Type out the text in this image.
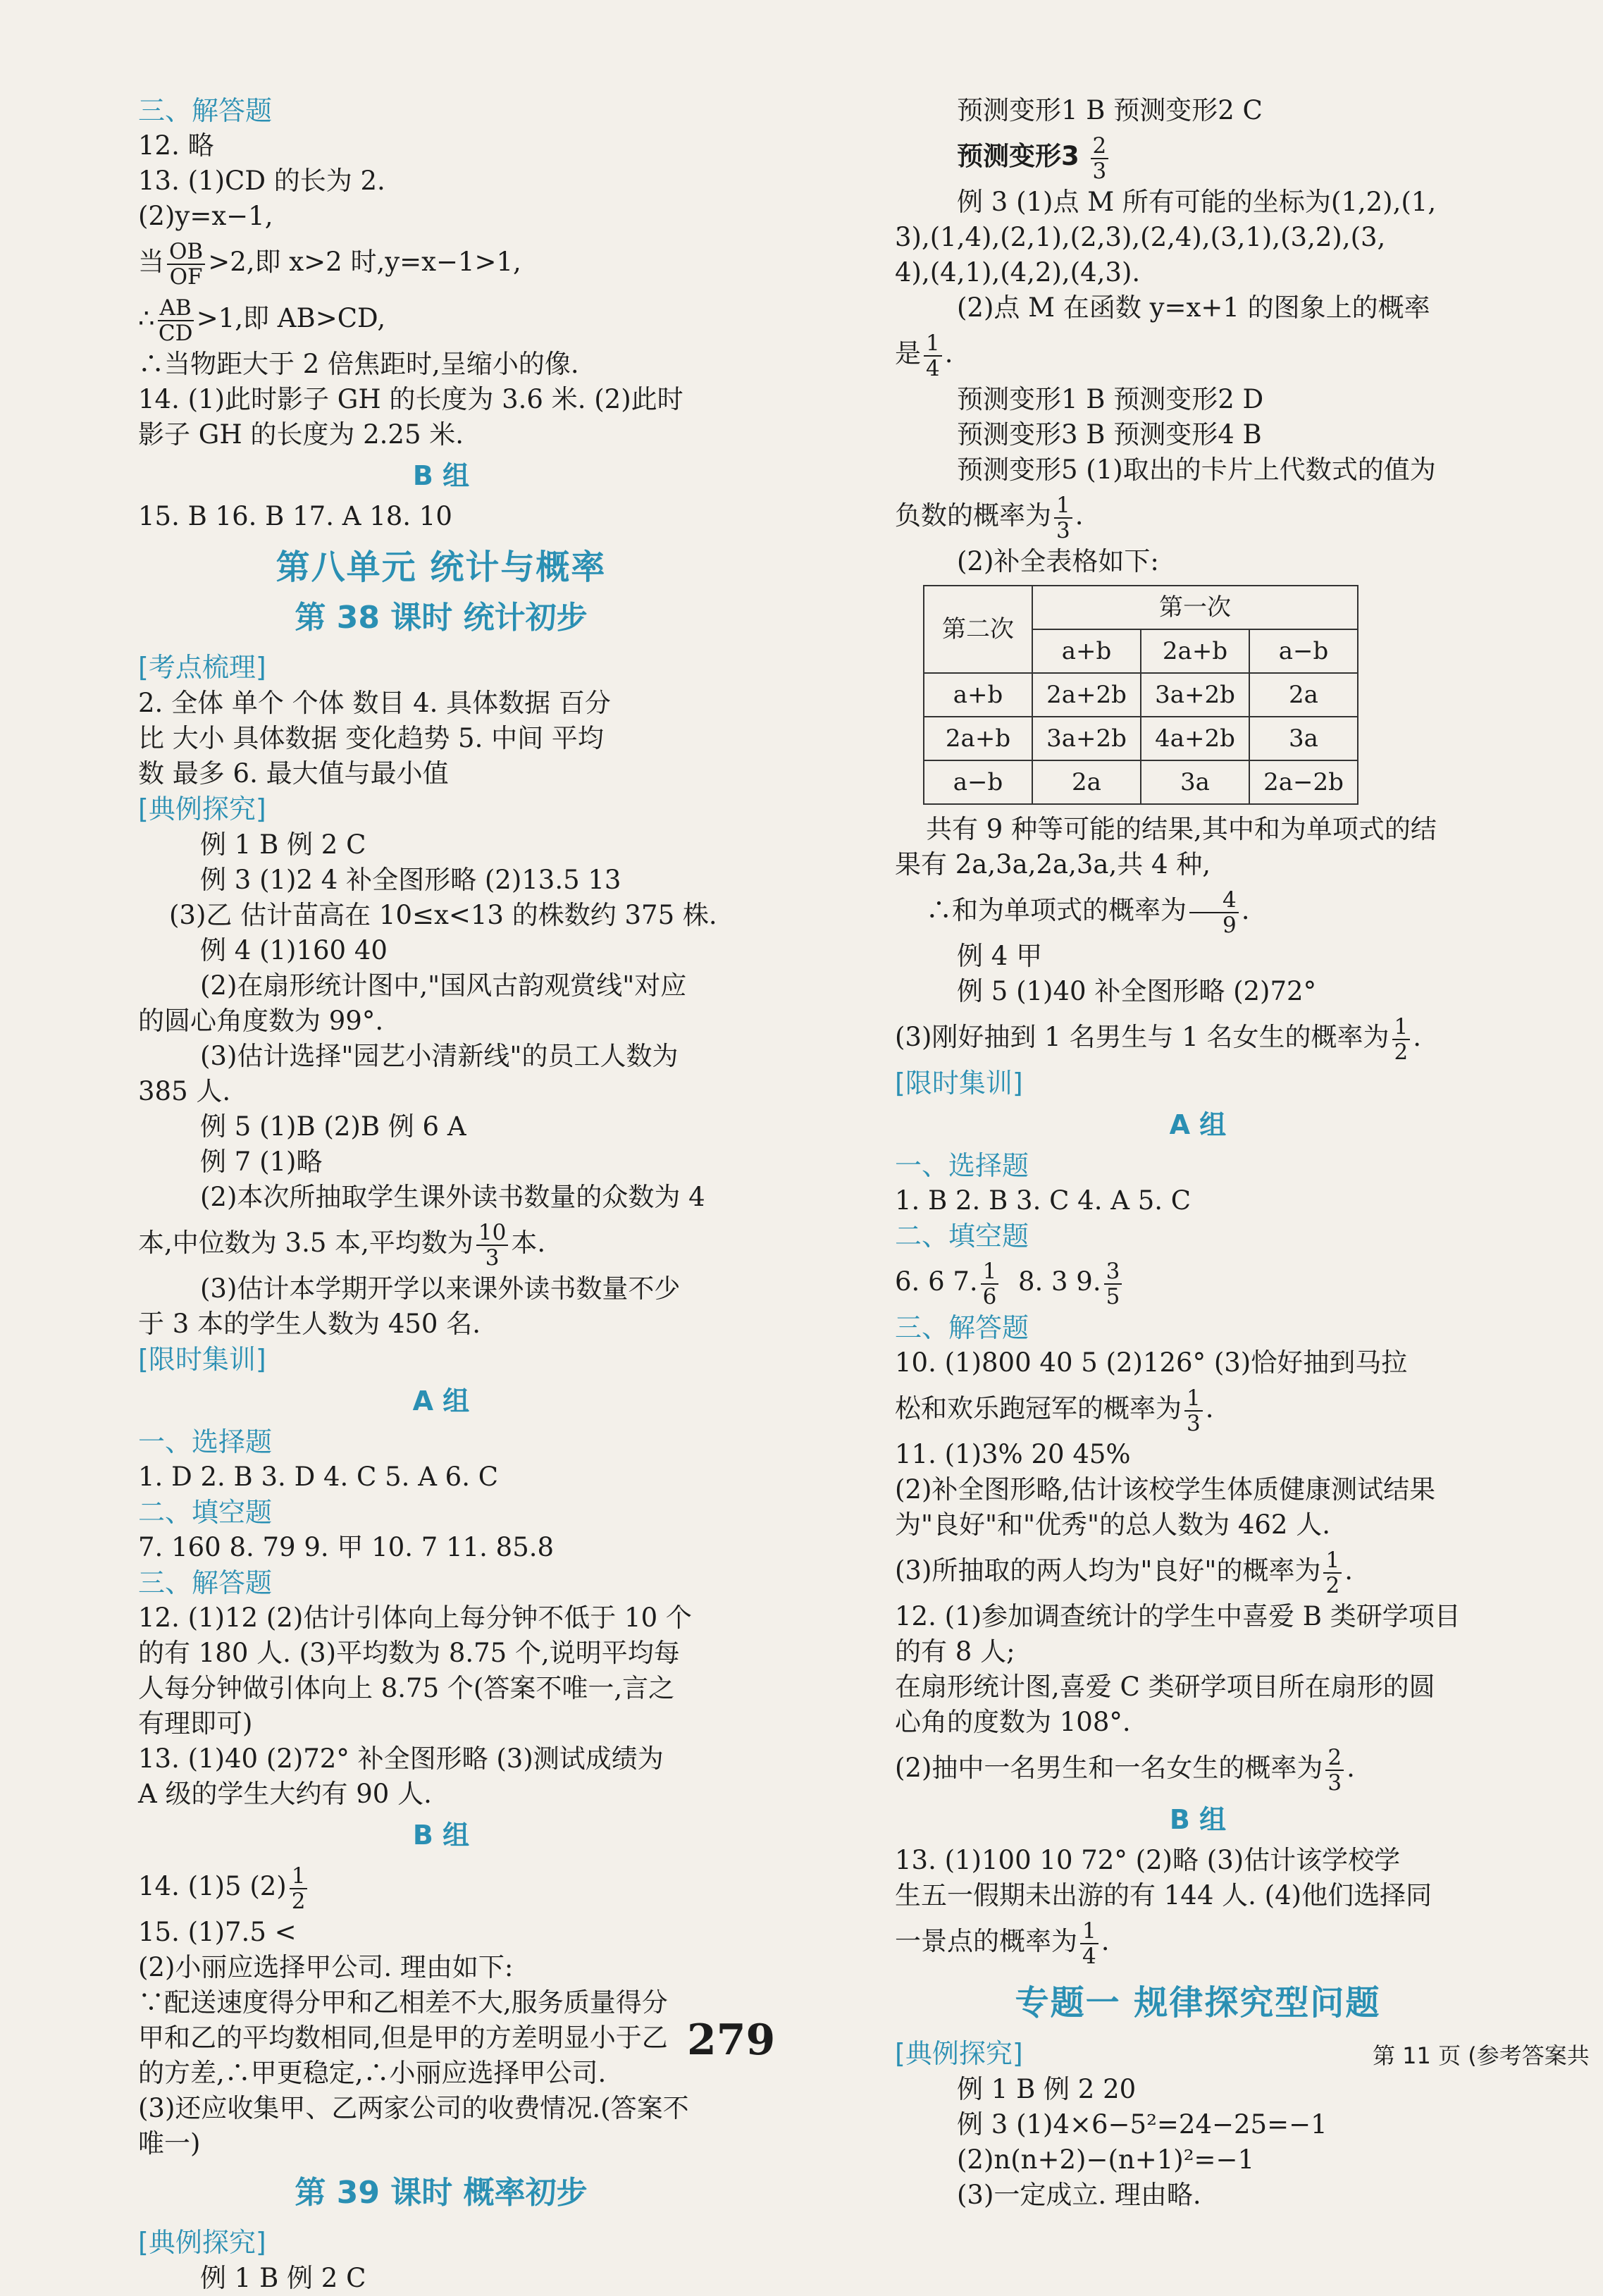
三、解答题
12. 略
13. (1)CD 的长为 2.
(2)y=x−1,
当 $\frac{OB}{OF} >2$,即 x>2 时,y=x−1>1,
∴ $\frac{AB}{CD} >1$,即 AB>CD,
∴当物距大于 2 倍焦距时,呈缩小的像.
14. (1)此时影子 GH 的长度为 3.6 米. (2)此时
影子 GH 的长度为 2.25 米.
B 组
15. B 16. B 17. A 18. 10
第八单元 统计与概率
第 38 课时 统计初步
[考点梳理]
2. 全体 单个 个体 数目 4. 具体数据 百分
比 大小 具体数据 变化趋势 5. 中间 平均
数 最多 6. 最大值与最小值
[典例探究]
例 1 B 例 2 C
例 3 (1)2 4 补全图形略 (2)13.5 13
(3)乙 估计苗高在 10≤x<13 的株数约 375 株.
例 4 (1)160 40
(2)在扇形统计图中,"国风古韵观赏线"对应
的圆心角度数为 99°.
(3)估计选择"园艺小清新线"的员工人数为
385 人.
例 5 (1)B (2)B 例 6 A
例 7 (1)略
(2)本次所抽取学生课外读书数量的众数为 4
本,中位数为 3.5 本,平均数为 $\frac{10}{3}$ 本.
(3)估计本学期开学以来课外读书数量不少
于 3 本的学生人数为 450 名.
[限时集训]
A 组
一、选择题
1. D 2. B 3. D 4. C 5. A 6. C
二、填空题
7. 160 8. 79 9. 甲 10. 7 11. 85.8
三、解答题
12. (1)12 (2)估计引体向上每分钟不低于 10 个
的有 180 人. (3)平均数为 8.75 个,说明平均每
人每分钟做引体向上 8.75 个(答案不唯一,言之
有理即可)
13. (1)40 (2)72° 补全图形略 (3)测试成绩为
A 级的学生大约有 90 人.
B 组
14. (1)5 $(2) \frac{1}{2}$
15. (1)7.5 <
(2)小丽应选择甲公司. 理由如下:
∵配送速度得分甲和乙相差不大,服务质量得分
甲和乙的平均数相同,但是甲的方差明显小于乙
的方差,∴甲更稳定,∴小丽应选择甲公司.
(3)还应收集甲、乙两家公司的收费情况.(答案不
唯一)
第 39 课时 概率初步
[典例探究]
例 1 B 例 2 C
预测变形1 B 预测变形2 C
预测变形$3 \frac{2}{3}$
例 3 (1)点 M 所有可能的坐标为(1,2),(1,
3),(1,4),(2,1),(2,3),(2,4),(3,1),(3,2),(3,
4),(4,1),(4,2),(4,3).
(2)点 M 在函数 y=x+1 的图象上的概率
是 $\frac{1}{4}$ .
预测变形1 B 预测变形2 D
预测变形3 B 预测变形4 B
预测变形5 (1)取出的卡片上代数式的值为
负数的概率为 $\frac{1}{3}$ .
(2)补全表格如下:
第二次	第一次		
	a+b	2a+b	a−b
a+b	2a+2b	3a+2b	2a
2a+b	3a+2b	4a+2b	3a
a−b	2a	3a	2a−2b
共有 9 种等可能的结果,其中和为单项式的结
果有 2a,3a,2a,3a,共 4 种,
∴和为单项式的概率为 $\frac{4}{9}$ .
例 4 甲
例 5 (1)40 补全图形略 (2)72°
(3)刚好抽到 1 名男生与 1 名女生的概率为 $\frac{1}{2}$ .
[限时集训]
A 组
一、选择题
1. B 2. B 3. C 4. A 5. C
二、填空题
6. 6 7. $\frac{1}{6} 8$. 3 9. $\frac{3}{5}$
三、解答题
10. (1)800 40 5 (2)126° (3)恰好抽到马拉
松和欢乐跑冠军的概率为 $\frac{1}{3}$ .
11. (1)3% 20 45%
(2)补全图形略,估计该校学生体质健康测试结果
为"良好"和"优秀"的总人数为 462 人.
(3)所抽取的两人均为"良好"的概率为 $\frac{1}{2}$ .
12. (1)参加调查统计的学生中喜爱 B 类研学项目
的有 8 人;
在扇形统计图,喜爱 C 类研学项目所在扇形的圆
心角的度数为 108°.
(2)抽中一名男生和一名女生的概率为 $\frac{2}{3}$ .
B 组
13. (1)100 10 72° (2)略 (3)估计该学校学
生五一假期未出游的有 144 人. (4)他们选择同
一景点的概率为 $\frac{1}{4}$ .
专题一 规律探究型问题
[典例探究]
例 1 B 例 2 20
例 3 (1)4×6−5²=24−25=−1
(2)n(n+2)−(n+1)²=−1
(3)一定成立. 理由略.
279	第 11 页 (参考答案共
